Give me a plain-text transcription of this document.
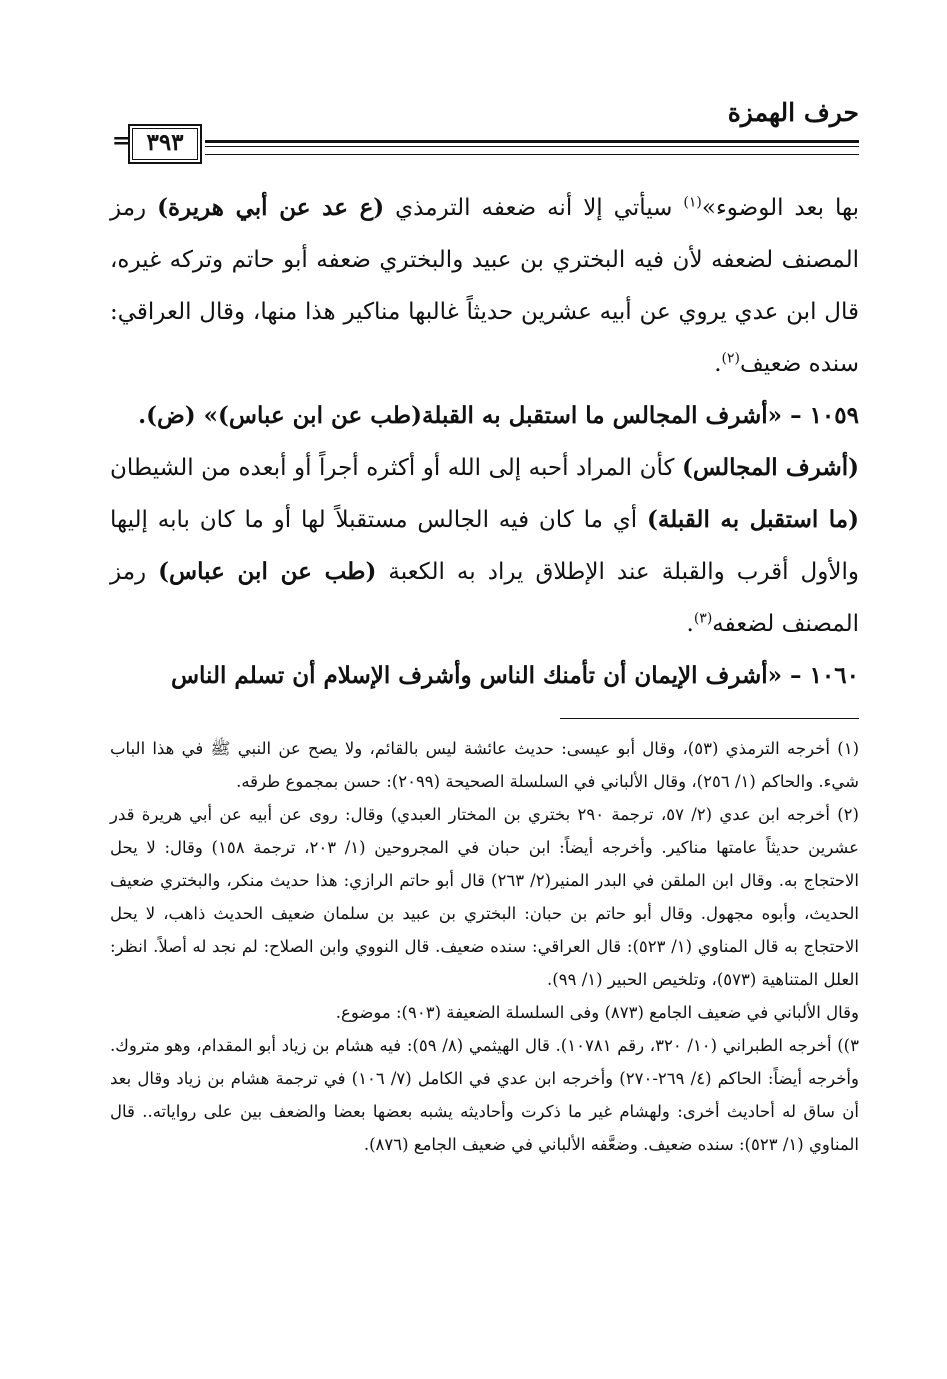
حرف الهمزة
٣٩٣
=

بها بعد الوضوء»$^{(١)}$ سيأتي إلا أنه ضعفه الترمذي (ع عد عن أبي هريرة) رمز المصنف لضعفه لأن فيه البختري بن عبيد والبختري ضعفه أبو حاتم وتركه غيره، قال ابن عدي يروي عن أبيه عشرين حديثاً غالبها مناكير هذا منها، وقال العراقي: سنده ضعيف$^{(٢)}$.

١٠٥٩ – «أشرف المجالس ما استقبل به القبلة(طب عن ابن عباس)» (ض).

(أشرف المجالس) كأن المراد أحبه إلى الله أو أكثره أجراً أو أبعده من الشيطان (ما استقبل به القبلة) أي ما كان فيه الجالس مستقبلاً لها أو ما كان بابه إليها والأول أقرب والقبلة عند الإطلاق يراد به الكعبة (طب عن ابن عباس) رمز المصنف لضعفه$^{(٣)}$.

١٠٦٠ – «أشرف الإيمان أن تأمنك الناس وأشرف الإسلام أن تسلم الناس

(١) أخرجه الترمذي (٥٣)، وقال أبو عيسى: حديث عائشة ليس بالقائم، ولا يصح عن النبي ﷺ في هذا الباب شيء. والحاكم (١/ ٢٥٦)، وقال الألباني في السلسلة الصحيحة (٢٠٩٩): حسن بمجموع طرقه.

(٢) أخرجه ابن عدي (٢/ ٥٧، ترجمة ٢٩٠ بختري بن المختار العبدي) وقال: روى عن أبيه عن أبي هريرة قدر عشرين حديثاً عامتها مناكير. وأخرجه أيضاً: ابن حبان في المجروحين (١/ ٢٠٣، ترجمة ١٥٨) وقال: لا يحل الاحتجاج به. وقال ابن الملقن في البدر المنير(٢/ ٢٦٣) قال أبو حاتم الرازي: هذا حديث منكر، والبختري ضعيف الحديث، وأبوه مجهول. وقال أبو حاتم بن حبان: البختري بن عبيد بن سلمان ضعيف الحديث ذاهب، لا يحل الاحتجاج به قال المناوي (١/ ٥٢٣): قال العراقي: سنده ضعيف. قال النووي وابن الصلاح: لم نجد له أصلاً. انظر: العلل المتناهية (٥٧٣)، وتلخيص الحبير (١/ ٩٩).

وقال الألباني في ضعيف الجامع (٨٧٣) وفى السلسلة الضعيفة (٩٠٣): موضوع.

٣)) أخرجه الطبراني (١٠/ ٣٢٠، رقم ١٠٧٨١). قال الهيثمي (٨/ ٥٩): فيه هشام بن زياد أبو المقدام، وهو متروك. وأخرجه أيضاً: الحاكم (٤/ ٢٦٩-٢٧٠) وأخرجه ابن عدي في الكامل (٧/ ١٠٦) في ترجمة هشام بن زياد وقال بعد أن ساق له أحاديث أخرى: ولهشام غير ما ذكرت وأحاديثه يشبه بعضها بعضا والضعف بين على رواياته.. قال المناوي (١/ ٥٢٣): سنده ضعيف. وضعَّفه الألباني في ضعيف الجامع (٨٧٦).
